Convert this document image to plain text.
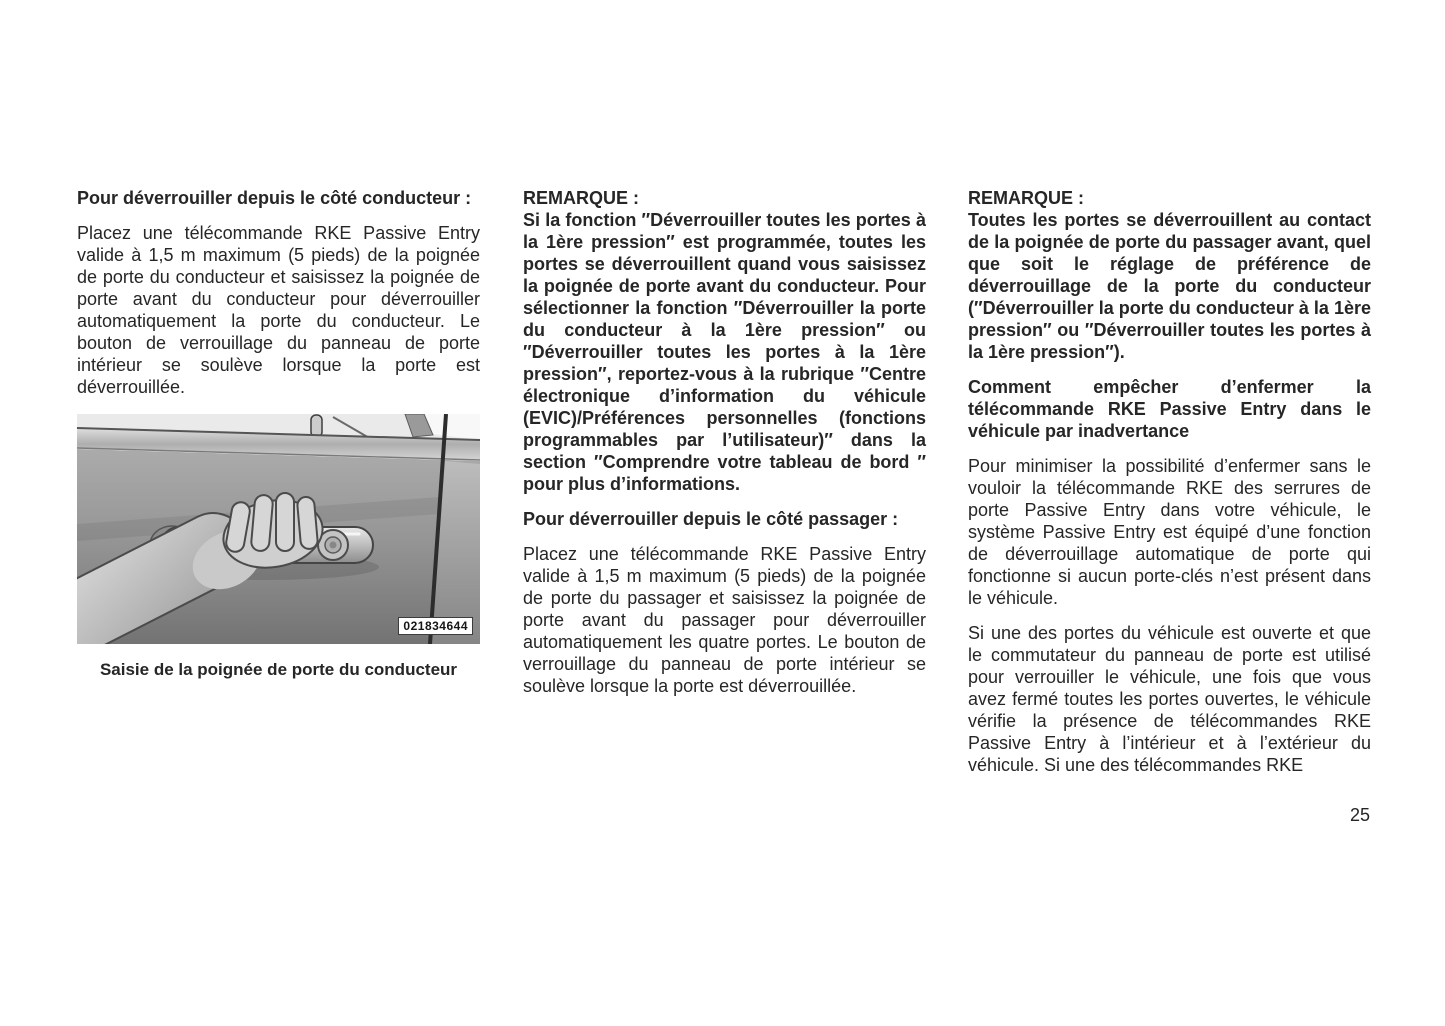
Pour déverrouiller depuis le côté conducteur :
Placez une télécommande RKE Passive Entry valide à 1,5 m maximum (5 pieds) de la poignée de porte du conducteur et saisissez la poignée de porte avant du conducteur pour déverrouiller automatiquement la porte du conducteur. Le bouton de verrouillage du panneau de porte intérieur se soulève lorsque la porte est déverrouillée.
021834644
Saisie de la poignée de porte du conducteur
REMARQUE :
Si la fonction ″Déverrouiller toutes les portes à la 1ère pression″ est programmée, toutes les portes se déverrouillent quand vous saisissez la poignée de porte avant du conducteur. Pour sélectionner la fonction ″Déverrouiller la porte du conducteur à la 1ère pression″ ou ″Déverrouiller toutes les portes à la 1ère pression″, reportez-vous à la rubrique ″Centre électronique d’information du véhicule (EVIC)/Préférences personnelles (fonctions programmables par l’utilisateur)″ dans la section ″Comprendre votre tableau de bord ″ pour plus d’informations.
Pour déverrouiller depuis le côté passager :
Placez une télécommande RKE Passive Entry valide à 1,5 m maximum (5 pieds) de la poignée de porte du passager et saisissez la poignée de porte avant du passager pour déverrouiller automatiquement les quatre portes. Le bouton de verrouillage du panneau de porte intérieur se soulève lorsque la porte est déverrouillée.
REMARQUE :
Toutes les portes se déverrouillent au contact de la poignée de porte du passager avant, quel que soit le réglage de préférence de déverrouillage de la porte du conducteur (″Déverrouiller la porte du conducteur à la 1ère pression″ ou ″Déverrouiller toutes les portes à la 1ère pression″).
Comment empêcher d’enfermer la télécommande RKE Passive Entry dans le véhicule par inadvertance
Pour minimiser la possibilité d’enfermer sans le vouloir la télécommande RKE des serrures de porte Passive Entry dans votre véhicule, le système Passive Entry est équipé d’une fonction de déverrouillage automatique de porte qui fonctionne si aucun porte-clés n’est présent dans le véhicule.
Si une des portes du véhicule est ouverte et que le commutateur du panneau de porte est utilisé pour verrouiller le véhicule, une fois que vous avez fermé toutes les portes ouvertes, le véhicule vérifie la présence de télécommandes RKE Passive Entry à l’intérieur et à l’extérieur du véhicule. Si une des télécommandes RKE
25
